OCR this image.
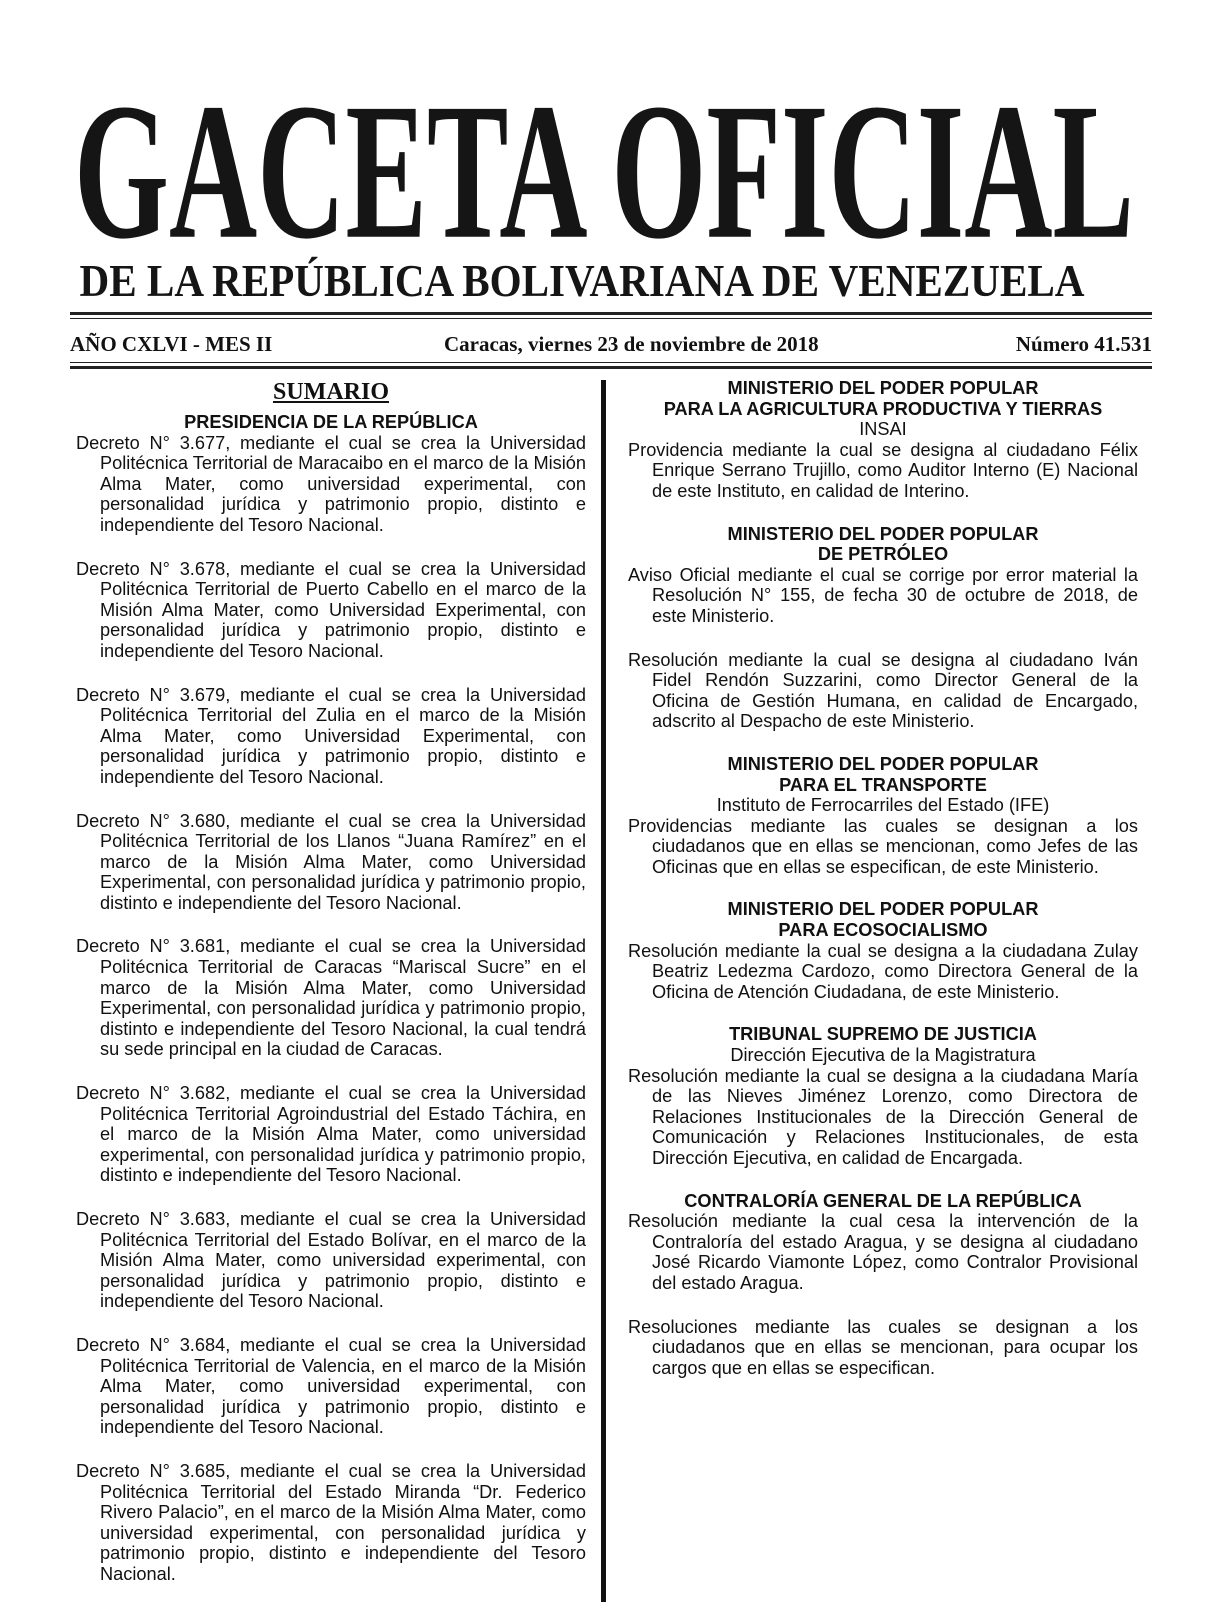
GACETA OFICIAL
DE LA REPÚBLICA BOLIVARIANA DE VENEZUELA
AÑO CXLVI - MES II	Caracas, viernes 23 de noviembre de 2018	Número 41.531
SUMARIO
PRESIDENCIA DE LA REPÚBLICA

Decreto N° 3.677, mediante el cual se crea la Universidad Politécnica Territorial de Maracaibo en el marco de la Misión Alma Mater, como universidad experimental, con personalidad jurídica y patrimonio propio, distinto e independiente del Tesoro Nacional.

Decreto N° 3.678, mediante el cual se crea la Universidad Politécnica Territorial de Puerto Cabello en el marco de la Misión Alma Mater, como Universidad Experimental, con personalidad jurídica y patrimonio propio, distinto e independiente del Tesoro Nacional.

Decreto N° 3.679, mediante el cual se crea la Universidad Politécnica Territorial del Zulia en el marco de la Misión Alma Mater, como Universidad Experimental, con personalidad jurídica y patrimonio propio, distinto e independiente del Tesoro Nacional.

Decreto N° 3.680, mediante el cual se crea la Universidad Politécnica Territorial de los Llanos “Juana Ramírez” en el marco de la Misión Alma Mater, como Universidad Experimental, con personalidad jurídica y patrimonio propio, distinto e independiente del Tesoro Nacional.

Decreto N° 3.681, mediante el cual se crea la Universidad Politécnica Territorial de Caracas “Mariscal Sucre” en el marco de la Misión Alma Mater, como Universidad Experimental, con personalidad jurídica y patrimonio propio, distinto e independiente del Tesoro Nacional, la cual tendrá su sede principal en la ciudad de Caracas.

Decreto N° 3.682, mediante el cual se crea la Universidad Politécnica Territorial Agroindustrial del Estado Táchira, en el marco de la Misión Alma Mater, como universidad experimental, con personalidad jurídica y patrimonio propio, distinto e independiente del Tesoro Nacional.

Decreto N° 3.683, mediante el cual se crea la Universidad Politécnica Territorial del Estado Bolívar, en el marco de la Misión Alma Mater, como universidad experimental, con personalidad jurídica y patrimonio propio, distinto e independiente del Tesoro Nacional.

Decreto N° 3.684, mediante el cual se crea la Universidad Politécnica Territorial de Valencia, en el marco de la Misión Alma Mater, como universidad experimental, con personalidad jurídica y patrimonio propio, distinto e independiente del Tesoro Nacional.

Decreto N° 3.685, mediante el cual se crea la Universidad Politécnica Territorial del Estado Miranda “Dr. Federico Rivero Palacio”, en el marco de la Misión Alma Mater, como universidad experimental, con personalidad jurídica y patrimonio propio, distinto e independiente del Tesoro Nacional.

MINISTERIO DEL PODER POPULAR
PARA LA AGRICULTURA PRODUCTIVA Y TIERRAS
INSAI

Providencia mediante la cual se designa al ciudadano Félix Enrique Serrano Trujillo, como Auditor Interno (E) Nacional de este Instituto, en calidad de Interino.

MINISTERIO DEL PODER POPULAR
DE PETRÓLEO

Aviso Oficial mediante el cual se corrige por error material la Resolución N° 155, de fecha 30 de octubre de 2018, de este Ministerio.

Resolución mediante la cual se designa al ciudadano Iván Fidel Rendón Suzzarini, como Director General de la Oficina de Gestión Humana, en calidad de Encargado, adscrito al Despacho de este Ministerio.

MINISTERIO DEL PODER POPULAR
PARA EL TRANSPORTE
Instituto de Ferrocarriles del Estado (IFE)

Providencias mediante las cuales se designan a los ciudadanos que en ellas se mencionan, como Jefes de las Oficinas que en ellas se especifican, de este Ministerio.

MINISTERIO DEL PODER POPULAR
PARA ECOSOCIALISMO

Resolución mediante la cual se designa a la ciudadana Zulay Beatriz Ledezma Cardozo, como Directora General de la Oficina de Atención Ciudadana, de este Ministerio.

TRIBUNAL SUPREMO DE JUSTICIA
Dirección Ejecutiva de la Magistratura

Resolución mediante la cual se designa a la ciudadana María de las Nieves Jiménez Lorenzo, como Directora de Relaciones Institucionales de la Dirección General de Comunicación y Relaciones Institucionales, de esta Dirección Ejecutiva, en calidad de Encargada.

CONTRALORÍA GENERAL DE LA REPÚBLICA

Resolución mediante la cual cesa la intervención de la Contraloría del estado Aragua, y se designa al ciudadano José Ricardo Viamonte López, como Contralor Provisional del estado Aragua.

Resoluciones mediante las cuales se designan a los ciudadanos que en ellas se mencionan, para ocupar los cargos que en ellas se especifican.
